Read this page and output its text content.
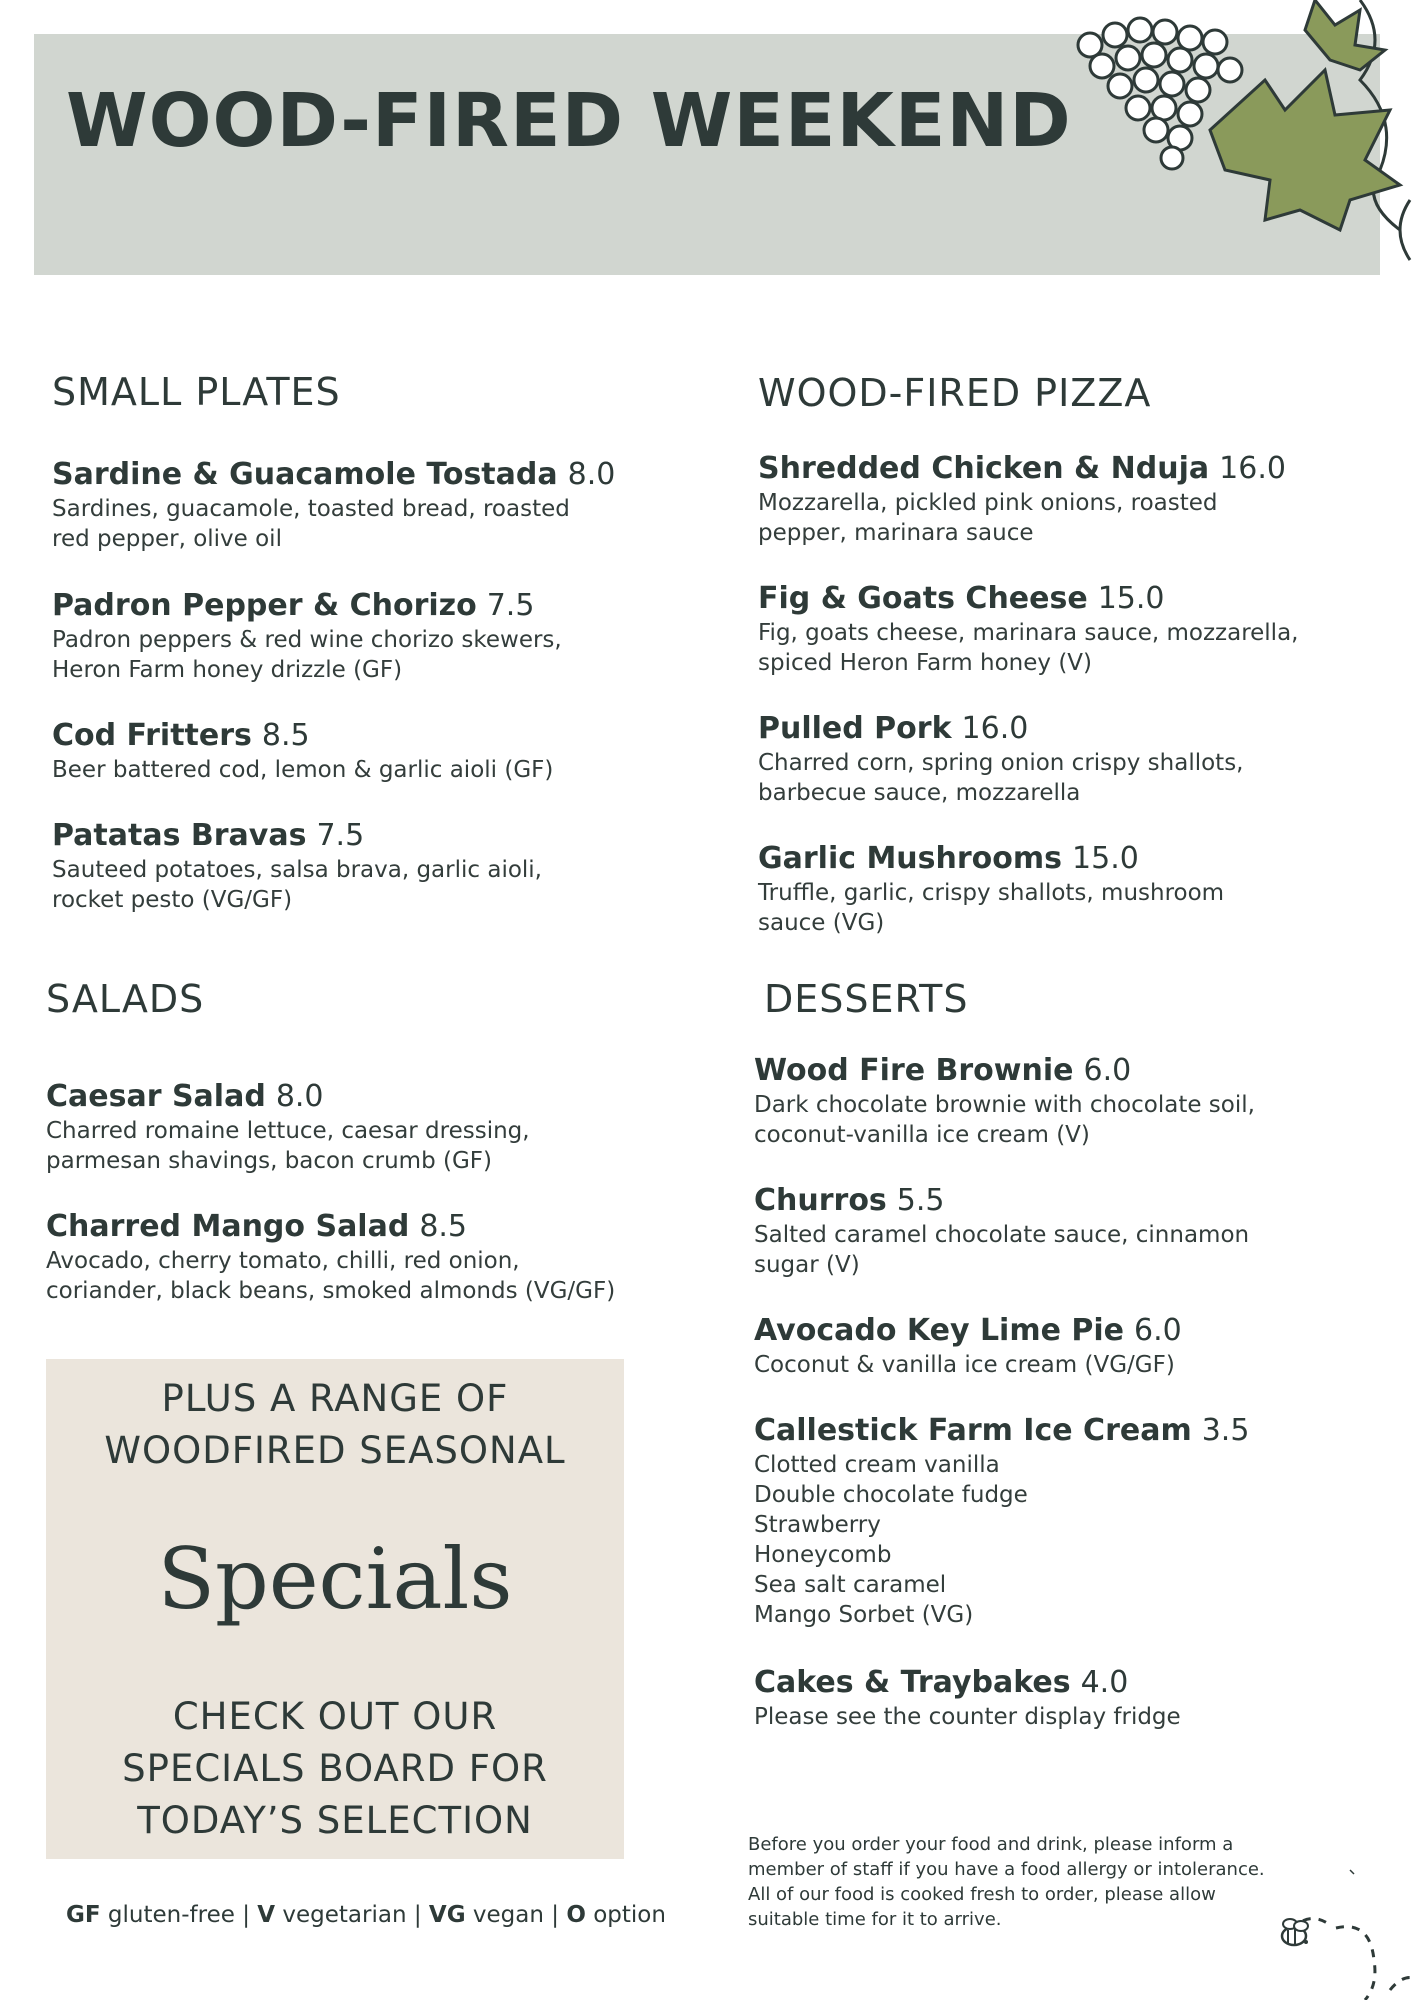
WOOD-FIRED WEEKEND
SMALL PLATES
Sardine & Guacamole Tostada 8.0
Sardines, guacamole, toasted bread, roasted
red pepper, olive oil
Padron Pepper & Chorizo 7.5
Padron peppers & red wine chorizo skewers,
Heron Farm honey drizzle (GF)
Cod Fritters 8.5
Beer battered cod, lemon & garlic aioli (GF)
Patatas Bravas 7.5
Sauteed potatoes, salsa brava, garlic aioli,
rocket pesto (VG/GF)
WOOD-FIRED PIZZA
Shredded Chicken & Nduja 16.0
Mozzarella, pickled pink onions, roasted
pepper, marinara sauce
Fig & Goats Cheese 15.0
Fig, goats cheese, marinara sauce, mozzarella,
spiced Heron Farm honey (V)
Pulled Pork 16.0
Charred corn, spring onion crispy shallots,
barbecue sauce, mozzarella
Garlic Mushrooms 15.0
Truffle, garlic, crispy shallots, mushroom
sauce (VG)
SALADS
Caesar Salad 8.0
Charred romaine lettuce, caesar dressing,
parmesan shavings, bacon crumb (GF)
Charred Mango Salad 8.5
Avocado, cherry tomato, chilli, red onion,
coriander, black beans, smoked almonds (VG/GF)
DESSERTS
Wood Fire Brownie 6.0
Dark chocolate brownie with chocolate soil,
coconut-vanilla ice cream (V)
Churros 5.5
Salted caramel chocolate sauce, cinnamon
sugar (V)
Avocado Key Lime Pie 6.0
Coconut & vanilla ice cream (VG/GF)
Callestick Farm Ice Cream 3.5
Clotted cream vanilla
Double chocolate fudge
Strawberry
Honeycomb
Sea salt caramel
Mango Sorbet (VG)
Cakes & Traybakes 4.0
Please see the counter display fridge
PLUS A RANGE OF
WOODFIRED SEASONAL
Specials
CHECK OUT OUR
SPECIALS BOARD FOR
TODAY’S SELECTION
GF gluten-free | V vegetarian | VG vegan | O option
Before you order your food and drink, please inform a
member of staff if you have a food allergy or intolerance.
All of our food is cooked fresh to order, please allow
suitable time for it to arrive.
